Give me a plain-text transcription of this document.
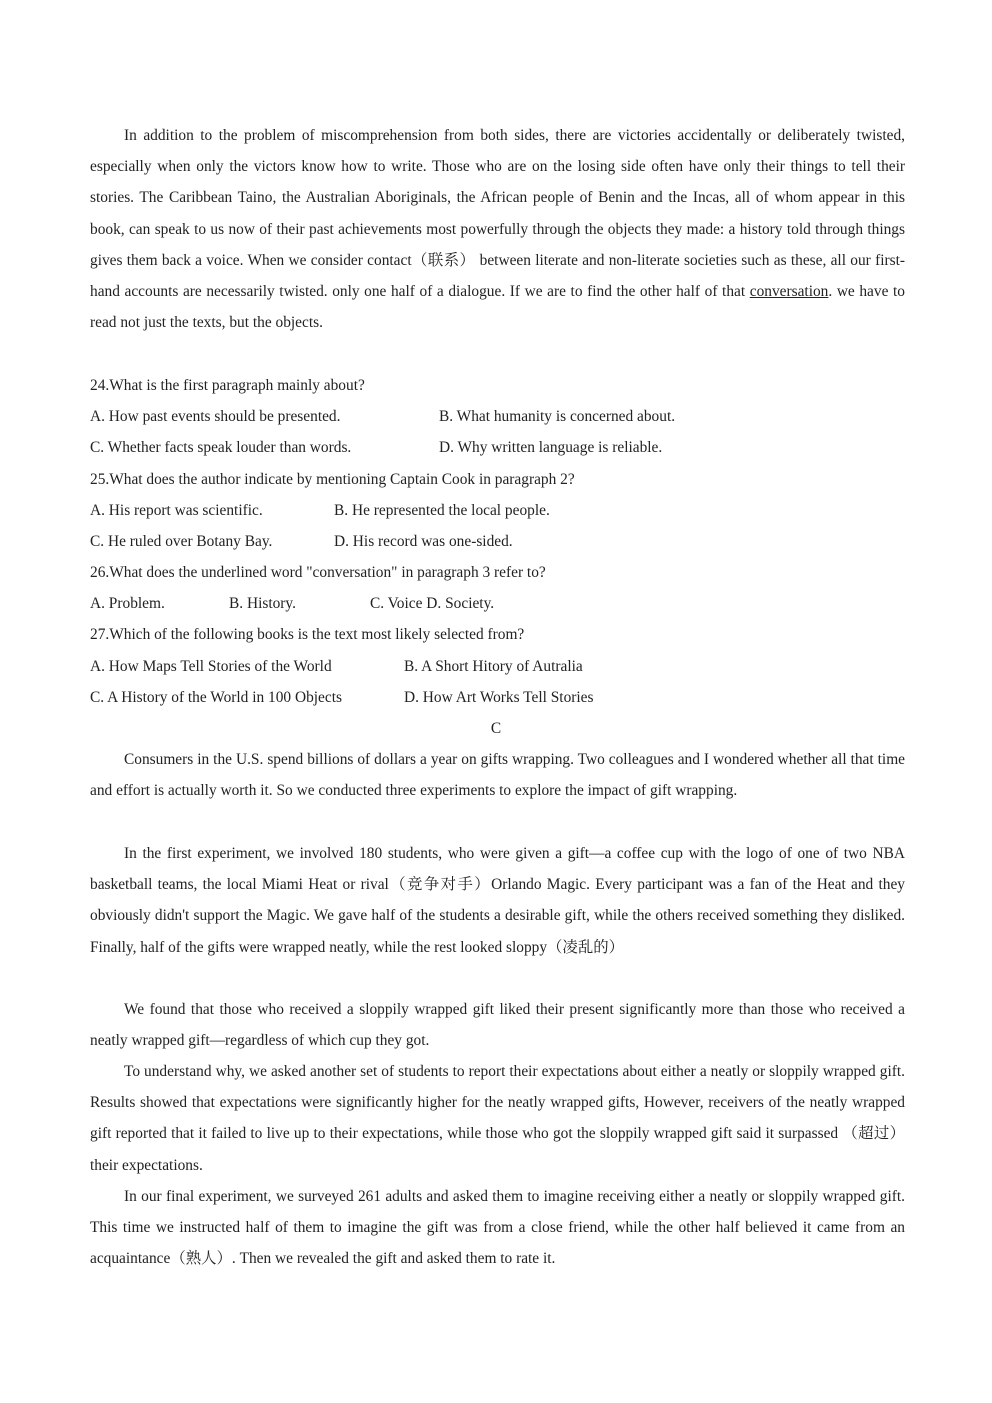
In addition to the problem of miscomprehension from both sides, there are victories accidentally or deliberately twisted, especially when only the victors know how to write. Those who are on the losing side often have only their things to tell their stories. The Caribbean Taino, the Australian Aboriginals, the African people of Benin and the Incas, all of whom appear in this book, can speak to us now of their past achievements most powerfully through the objects they made: a history told through things gives them back a voice. When we consider contact（联系） between literate and non-literate societies such as these, all our first-hand accounts are necessarily twisted. only one half of a dialogue. If we are to find the other half of that conversation. we have to read not just the texts, but the objects.

24.What is the first paragraph mainly about?
A. How past events should be presented.	B. What humanity is concerned about.
C. Whether facts speak louder than words.	D. Why written language is reliable.
25.What does the author indicate by mentioning Captain Cook in paragraph 2?
A. His report was scientific.	B. He represented the local people.
C. He ruled over Botany Bay.	D. His record was one-sided.
26.What does the underlined word "conversation" in paragraph 3 refer to?
A. Problem.	B. History.	C. Voice D. Society.
27.Which of the following books is the text most likely selected from?
A. How Maps Tell Stories of the World	B. A Short Hitory of Autralia
C. A History of the World in 100 Objects	D. How Art Works Tell Stories
C

Consumers in the U.S. spend billions of dollars a year on gifts wrapping. Two colleagues and I wondered whether all that time and effort is actually worth it. So we conducted three experiments to explore the impact of gift wrapping.

In the first experiment, we involved 180 students, who were given a gift—a coffee cup with the logo of one of two NBA basketball teams, the local Miami Heat or rival（竞争对手）Orlando Magic. Every participant was a fan of the Heat and they obviously didn't support the Magic. We gave half of the students a desirable gift, while the others received something they disliked. Finally, half of the gifts were wrapped neatly, while the rest looked sloppy（凌乱的）

We found that those who received a sloppily wrapped gift liked their present significantly more than those who received a neatly wrapped gift—regardless of which cup they got.

To understand why, we asked another set of students to report their expectations about either a neatly or sloppily wrapped gift. Results showed that expectations were significantly higher for the neatly wrapped gifts, However, receivers of the neatly wrapped gift reported that it failed to live up to their expectations, while those who got the sloppily wrapped gift said it surpassed （超过） their expectations.

In our final experiment, we surveyed 261 adults and asked them to imagine receiving either a neatly or sloppily wrapped gift. This time we instructed half of them to imagine the gift was from a close friend, while the other half believed it came from an acquaintance（熟人）. Then we revealed the gift and asked them to rate it.
